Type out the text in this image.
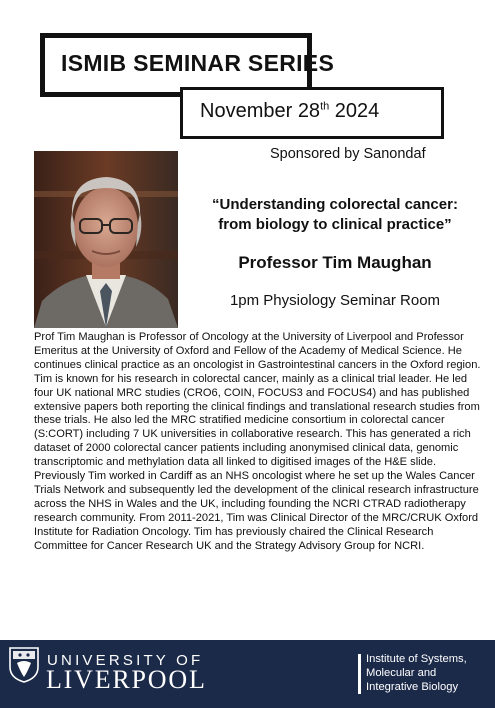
ISMIB SEMINAR SERIES
November 28th 2024
Sponsored by Sanondaf
“Understanding colorectal cancer:
from biology to clinical practice”
Professor Tim Maughan
1pm Physiology Seminar Room

Prof Tim Maughan is Professor of Oncology at the University of Liverpool and Professor Emeritus at the University of Oxford and Fellow of the Academy of Medical Science. He continues clinical practice as an oncologist in Gastrointestinal cancers in the Oxford region.

Tim is known for his research in colorectal cancer, mainly as a clinical trial leader. He led four UK national MRC studies (CRO6, COIN, FOCUS3 and FOCUS4) and has published extensive papers both reporting the clinical findings and translational research studies from these trials. He also led the MRC stratified medicine consortium in colorectal cancer (S:CORT) including 7 UK universities in collaborative research. This has generated a rich dataset of 2000 colorectal cancer patients including anonymised clinical data, genomic transcriptomic and methylation data all linked to digitised images of the H&E slide.

Previously Tim worked in Cardiff as an NHS oncologist where he set up the Wales Cancer Trials Network and subsequently led the development of the clinical research infrastructure across the NHS in Wales and the UK, including founding the NCRI CTRAD radiotherapy research community. From 2011-2021, Tim was Clinical Director of the MRC/CRUK Oxford Institute for Radiation Oncology. Tim has previously chaired the Clinical Research Committee for Cancer Research UK and the Strategy Advisory Group for NCRI.

UNIVERSITY OF
LIVERPOOL
Institute of Systems,
Molecular and
Integrative Biology
